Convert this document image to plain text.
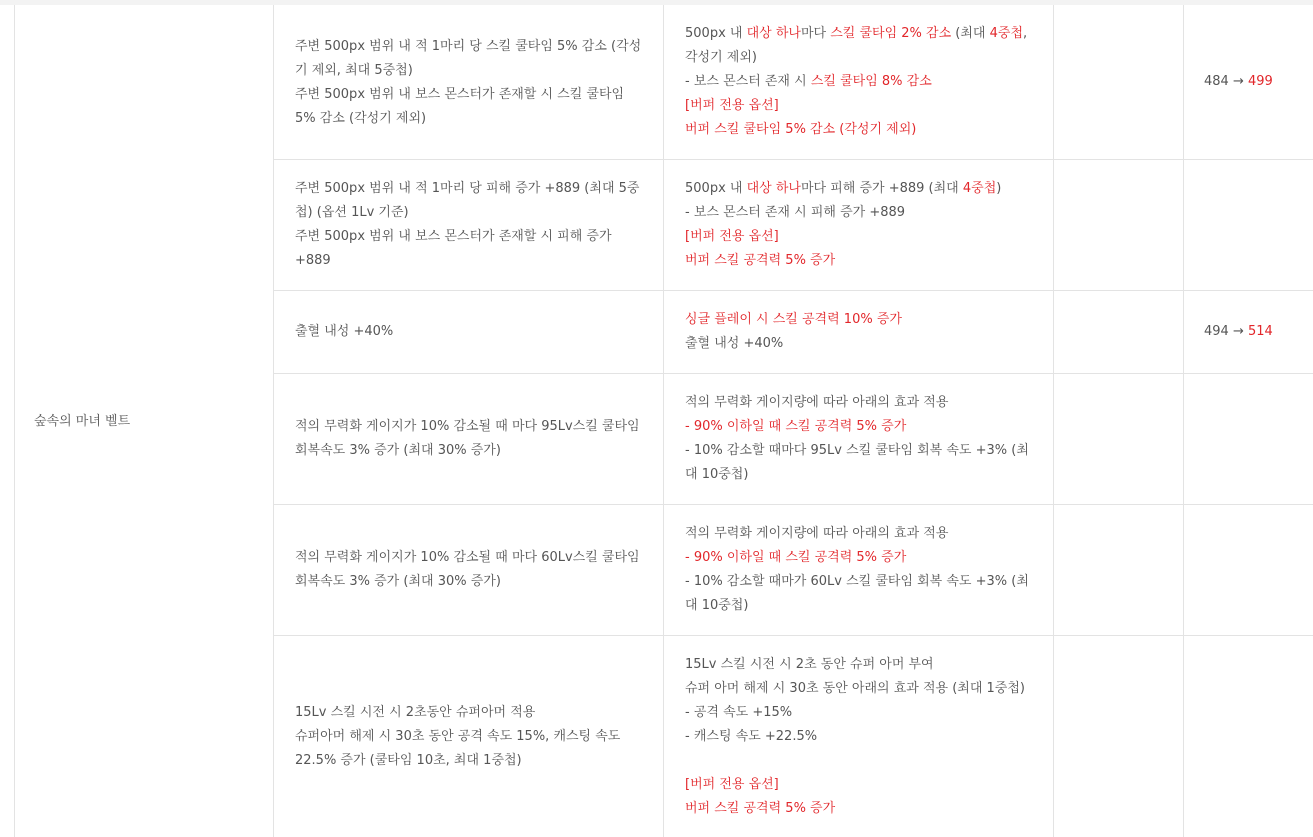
숲속의 마녀 벨트
주변 500px 범위 내 적 1마리 당 스킬 쿨타임 5% 감소 (각성기 제외, 최대 5중첩)
주변 500px 범위 내 보스 몬스터가 존재할 시 스킬 쿨타임 5% 감소 (각성기 제외)
500px 내 대상 하나마다 스킬 쿨타임 2% 감소 (최대 4중첩, 각성기 제외)
- 보스 몬스터 존재 시 스킬 쿨타임 8% 감소
[버퍼 전용 옵션]
버퍼 스킬 쿨타임 5% 감소 (각성기 제외)
484 → 499
주변 500px 범위 내 적 1마리 당 피해 증가 +889 (최대 5중첩) (옵션 1Lv 기준)
주변 500px 범위 내 보스 몬스터가 존재할 시 피해 증가 +889
500px 내 대상 하나마다 피해 증가 +889 (최대 4중첩)
- 보스 몬스터 존재 시 피해 증가 +889
[버퍼 전용 옵션]
버퍼 스킬 공격력 5% 증가
출혈 내성 +40%
싱글 플레이 시 스킬 공격력 10% 증가
출혈 내성 +40%
494 → 514
적의 무력화 게이지가 10% 감소될 때 마다 95Lv스킬 쿨타임 회복속도 3% 증가 (최대 30% 증가)
적의 무력화 게이지량에 따라 아래의 효과 적용
- 90% 이하일 때 스킬 공격력 5% 증가
- 10% 감소할 때마다 95Lv 스킬 쿨타임 회복 속도 +3% (최대 10중첩)
적의 무력화 게이지가 10% 감소될 때 마다 60Lv스킬 쿨타임 회복속도 3% 증가 (최대 30% 증가)
적의 무력화 게이지량에 따라 아래의 효과 적용
- 90% 이하일 때 스킬 공격력 5% 증가
- 10% 감소할 때마가 60Lv 스킬 쿨타임 회복 속도 +3% (최대 10중첩)
15Lv 스킬 시전 시 2초동안 슈퍼아머 적용
슈퍼아머 해제 시 30초 동안 공격 속도 15%, 캐스팅 속도 22.5% 증가 (쿨타임 10초, 최대 1중첩)
15Lv 스킬 시전 시 2초 동안 슈퍼 아머 부여
슈퍼 아머 해제 시 30초 동안 아래의 효과 적용 (최대 1중첩)
- 공격 속도 +15%
- 캐스팅 속도 +22.5%

[버퍼 전용 옵션]
버퍼 스킬 공격력 5% 증가
